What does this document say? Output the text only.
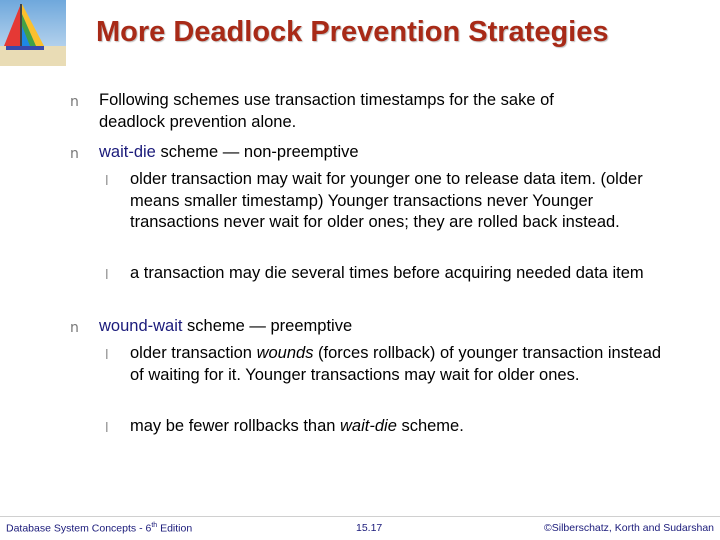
More Deadlock Prevention Strategies
n Following schemes use transaction timestamps for the sake of deadlock prevention alone.
n wait-die scheme — non-preemptive
l older transaction may wait for younger one to release data item. (older means smaller timestamp) Younger transactions never Younger transactions never wait for older ones; they are rolled back instead.
l a transaction may die several times before acquiring needed data item
n wound-wait scheme — preemptive
l older transaction wounds (forces rollback) of younger transaction instead of waiting for it. Younger transactions may wait for older ones.
l may be fewer rollbacks than wait-die scheme.
Database System Concepts - 6th Edition	15.17	©Silberschatz, Korth and Sudarshan
